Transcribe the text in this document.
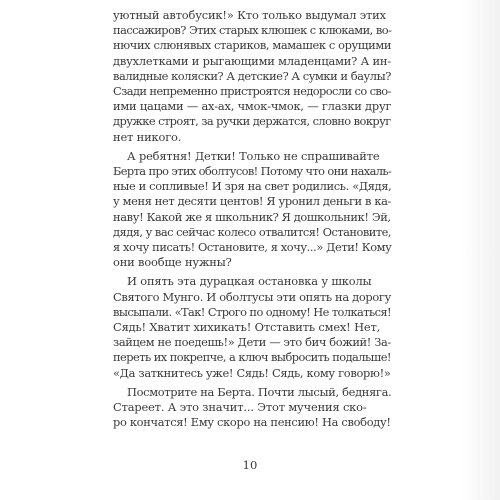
уютный автобусик!» Кто только выдумал этих
пассажиров? Этих старых клюшек с клюками, во-
нючих слюнявых стариков, мамашек с орущими
двухлетками и рыгающими младенцами? А ин-
валидные коляски? А детские? А сумки и баулы?
Сзади непременно пристроятся недоросли со сво-
ими цацами — ах-ах, чмок-чмок, — глазки друг
дружке строят, за ручки держатся, словно вокруг
нет никого.
А ребятня! Детки! Только не спрашивайте
Берта про этих оболтусов! Потому что они нахаль-
ные и сопливые! И зря на свет родились. «Дядя,
у меня нет десяти центов! Я уронил деньги в ка-
наву! Какой же я школьник? Я дошкольник! Эй,
дядя, у вас сейчас колесо отвалится! Остановите,
я хочу писать! Остановите, я хочу...» Дети! Кому
они вообще нужны?
И опять эта дурацкая остановка у школы
Святого Мунго. И оболтусы эти опять на дорогу
высыпали. «Так! Строго по одному! Не толкаться!
Сядь! Хватит хихикать! Отставить смех! Нет,
зайцем не поедешь!» Дети — это бич божий! За-
переть их покрепче, а ключ выбросить подальше!
«Да заткнитесь уже! Сядь! Сядь, кому говорю!»
Посмотрите на Берта. Почти лысый, бедняга.
Стареет. А это значит... Этот мучения ско-
ро кончатся! Ему скоро на пенсию! На свободу!
10
